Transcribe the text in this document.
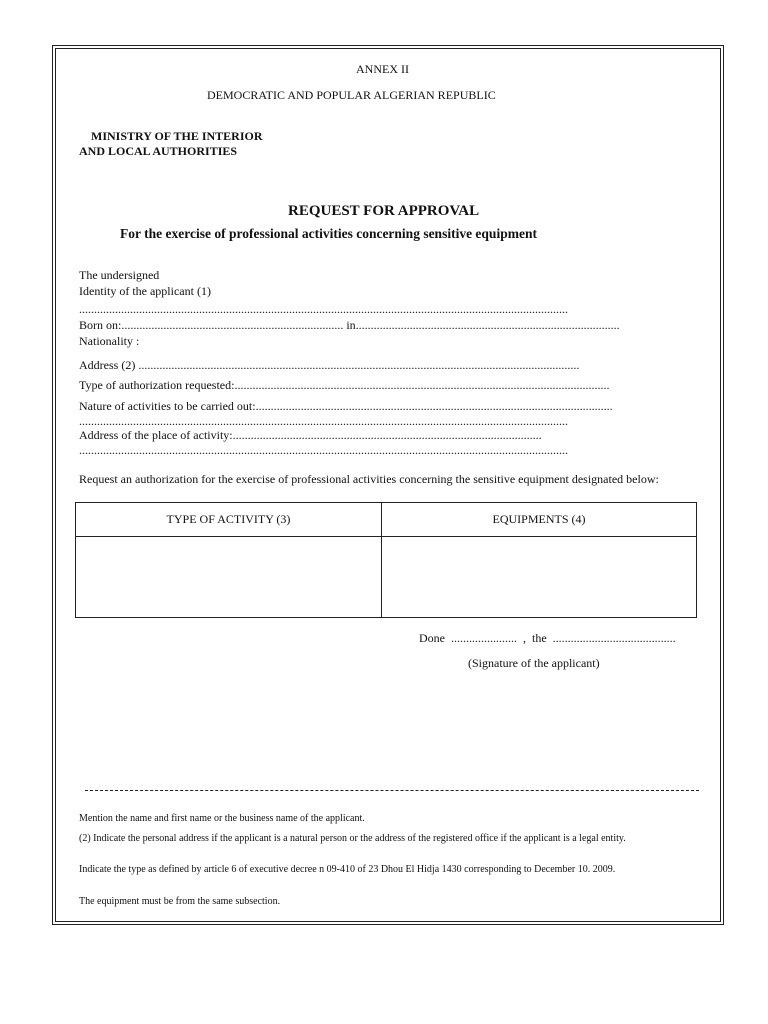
ANNEX II
DEMOCRATIC AND POPULAR ALGERIAN REPUBLIC
MINISTRY OF THE INTERIOR
AND LOCAL AUTHORITIES
REQUEST FOR APPROVAL
For the exercise of professional activities concerning sensitive equipment
The undersigned
Identity of the applicant (1)
...................................................................................................................................................................
Born on:.......................................................................... in........................................................................................
Nationality :
Address (2) ...................................................................................................................................................
Type of authorization requested:.............................................................................................................................
Nature of activities to be carried out:.......................................................................................................................
...................................................................................................................................................................
Address of the place of activity:.......................................................................................................
...................................................................................................................................................................
Request an authorization for the exercise of professional activities concerning the sensitive equipment designated below:
TYPE OF ACTIVITY (3)	EQUIPMENTS (4)

Done  ......................  ,  the  .........................................
(Signature of the applicant)
Mention the name and first name or the business name of the applicant.
(2) Indicate the personal address if the applicant is a natural person or the address of the registered office if the applicant is a legal entity.
Indicate the type as defined by article 6 of executive decree n 09-410 of 23 Dhou El Hidja 1430 corresponding to December 10. 2009.
The equipment must be from the same subsection.
